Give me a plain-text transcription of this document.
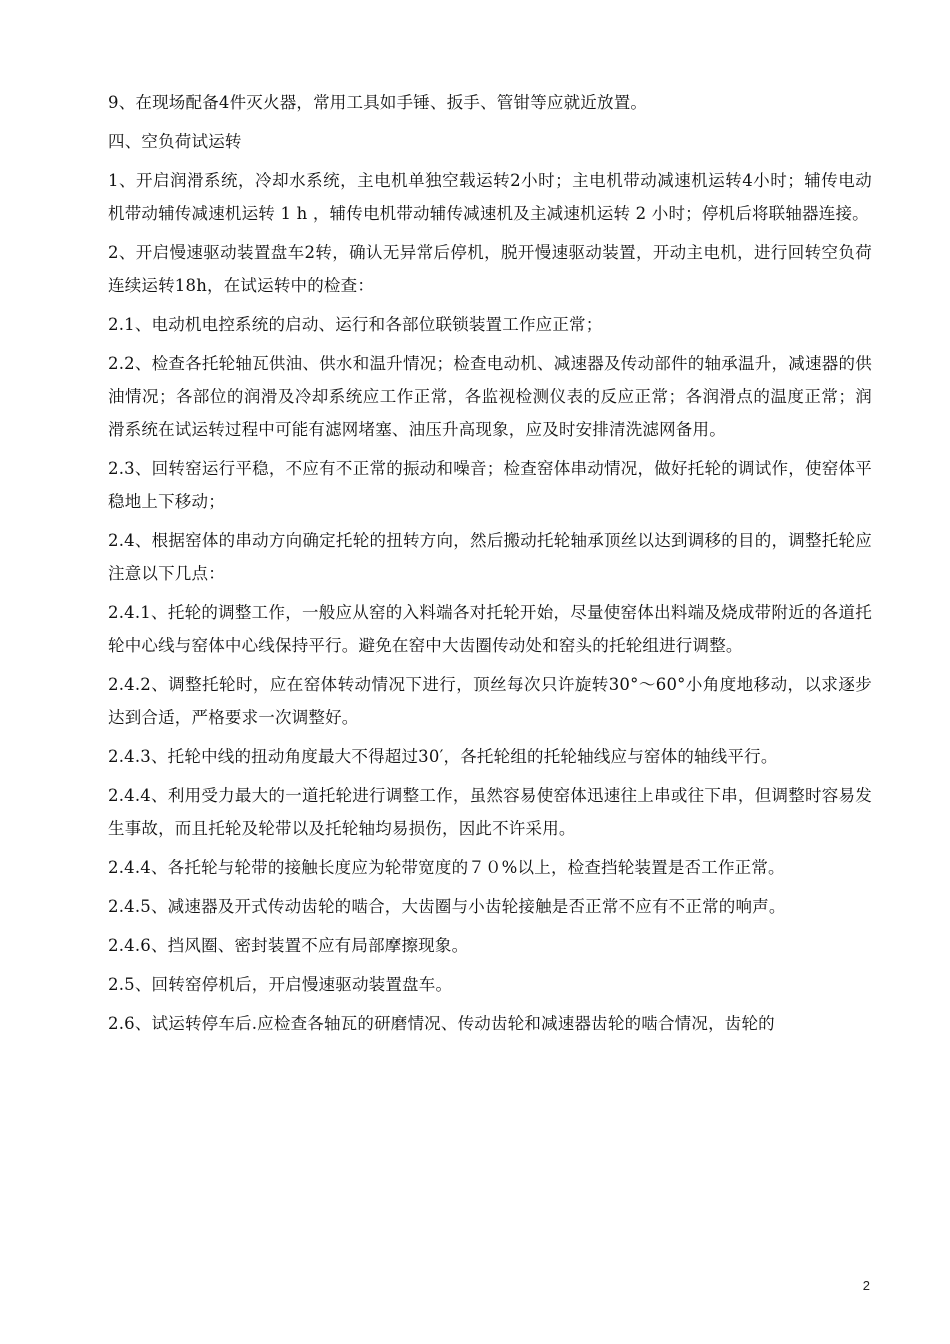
9、在现场配备4件灭火器，常用工具如手锤、扳手、管钳等应就近放置。

四、空负荷试运转

1、开启润滑系统，冷却水系统，主电机单独空载运转2小时；主电机带动减速机运转4小时；辅传电动机带动辅传减速机运转 1 h ，辅传电机带动辅传减速机及主减速机运转 2 小时；停机后将联轴器连接。

2、开启慢速驱动装置盘车2转，确认无异常后停机，脱开慢速驱动装置，开动主电机，进行回转空负荷连续运转18h，在试运转中的检查：

2.1、电动机电控系统的启动、运行和各部位联锁装置工作应正常；

2.2、检查各托轮轴瓦供油、供水和温升情况；检查电动机、减速器及传动部件的轴承温升，减速器的供油情况；各部位的润滑及冷却系统应工作正常，各监视检测仪表的反应正常；各润滑点的温度正常；润滑系统在试运转过程中可能有滤网堵塞、油压升高现象，应及时安排清洗滤网备用。

2.3、回转窑运行平稳，不应有不正常的振动和噪音；检查窑体串动情况，做好托轮的调试作，使窑体平稳地上下移动；

2.4、根据窑体的串动方向确定托轮的扭转方向，然后搬动托轮轴承顶丝以达到调移的目的，调整托轮应注意以下几点：

2.4.1、托轮的调整工作，一般应从窑的入料端各对托轮开始，尽量使窑体出料端及烧成带附近的各道托轮中心线与窑体中心线保持平行。避免在窑中大齿圈传动处和窑头的托轮组进行调整。

2.4.2、调整托轮时，应在窑体转动情况下进行，顶丝每次只许旋转30°～60°小角度地移动，以求逐步达到合适，严格要求一次调整好。

2.4.3、托轮中线的扭动角度最大不得超过30′，各托轮组的托轮轴线应与窑体的轴线平行。

2.4.4、利用受力最大的一道托轮进行调整工作，虽然容易使窑体迅速往上串或往下串，但调整时容易发生事故，而且托轮及轮带以及托轮轴均易损伤，因此不许采用。

2.4.4、各托轮与轮带的接触长度应为轮带宽度的７０%以上，检查挡轮装置是否工作正常。

2.4.5、减速器及开式传动齿轮的啮合，大齿圈与小齿轮接触是否正常不应有不正常的响声。

2.4.6、挡风圈、密封装置不应有局部摩擦现象。

2.5、回转窑停机后，开启慢速驱动装置盘车。

2.6、试运转停车后.应检查各轴瓦的研磨情况、传动齿轮和减速器齿轮的啮合情况，齿轮的

2
